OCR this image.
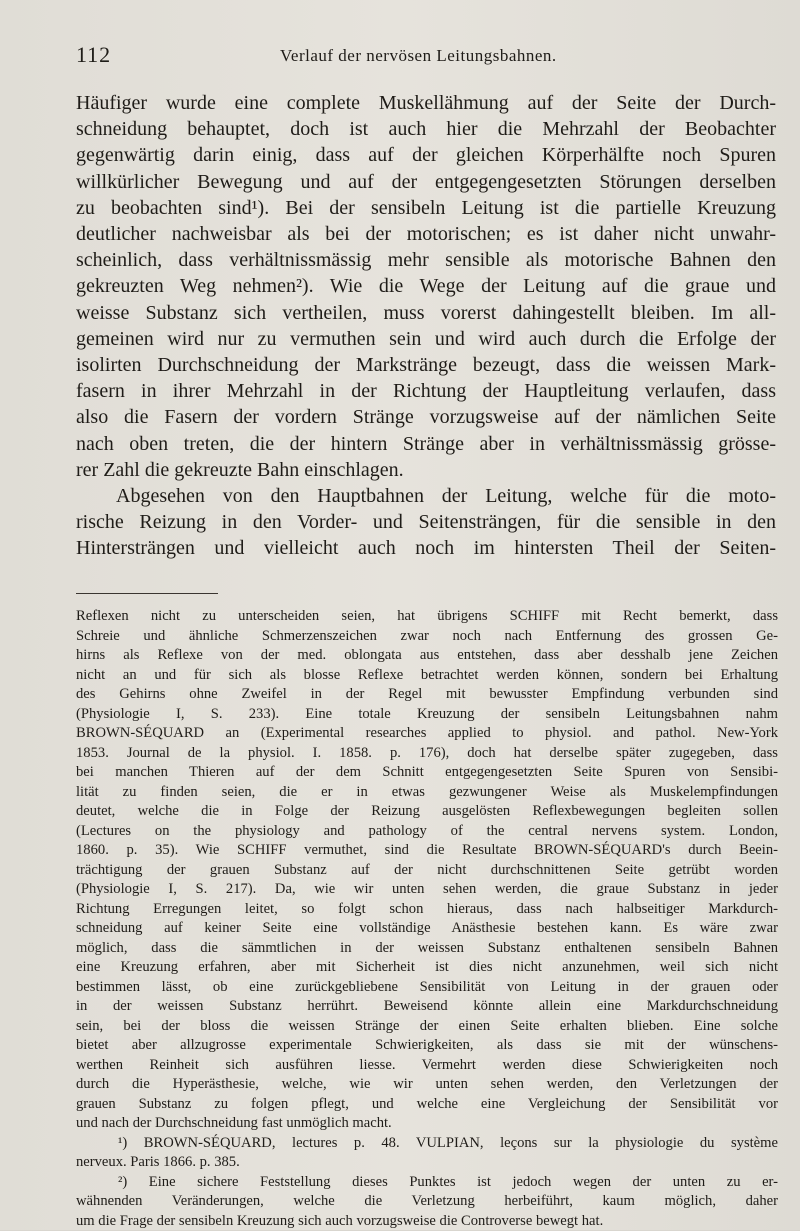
112	Verlauf der nervösen Leitungsbahnen.

Häufiger wurde eine complete Muskellähmung auf der Seite der Durch-

schneidung behauptet, doch ist auch hier die Mehrzahl der Beobachter

gegenwärtig darin einig, dass auf der gleichen Körperhälfte noch Spuren

willkürlicher Bewegung und auf der entgegengesetzten Störungen derselben

zu beobachten sind¹). Bei der sensibeln Leitung ist die partielle Kreuzung

deutlicher nachweisbar als bei der motorischen; es ist daher nicht unwahr-

scheinlich, dass verhältnissmässig mehr sensible als motorische Bahnen den

gekreuzten Weg nehmen²). Wie die Wege der Leitung auf die graue und

weisse Substanz sich vertheilen, muss vorerst dahingestellt bleiben. Im all-

gemeinen wird nur zu vermuthen sein und wird auch durch die Erfolge der

isolirten Durchschneidung der Markstränge bezeugt, dass die weissen Mark-

fasern in ihrer Mehrzahl in der Richtung der Hauptleitung verlaufen, dass

also die Fasern der vordern Stränge vorzugsweise auf der nämlichen Seite

nach oben treten, die der hintern Stränge aber in verhältnissmässig grösse-

rer Zahl die gekreuzte Bahn einschlagen.

Abgesehen von den Hauptbahnen der Leitung, welche für die moto-

rische Reizung in den Vorder- und Seitensträngen, für die sensible in den

Hintersträngen und vielleicht auch noch im hintersten Theil der Seiten-

Reflexen nicht zu unterscheiden seien, hat übrigens SCHIFF mit Recht bemerkt, dass

Schreie und ähnliche Schmerzenszeichen zwar noch nach Entfernung des grossen Ge-

hirns als Reflexe von der med. oblongata aus entstehen, dass aber desshalb jene Zeichen

nicht an und für sich als blosse Reflexe betrachtet werden können, sondern bei Erhaltung

des Gehirns ohne Zweifel in der Regel mit bewusster Empfindung verbunden sind

(Physiologie I, S. 233). Eine totale Kreuzung der sensibeln Leitungsbahnen nahm

BROWN-SÉQUARD an (Experimental researches applied to physiol. and pathol. New-York

1853. Journal de la physiol. I. 1858. p. 176), doch hat derselbe später zugegeben, dass

bei manchen Thieren auf der dem Schnitt entgegengesetzten Seite Spuren von Sensibi-

lität zu finden seien, die er in etwas gezwungener Weise als Muskelempfindungen

deutet, welche die in Folge der Reizung ausgelösten Reflexbewegungen begleiten sollen

(Lectures on the physiology and pathology of the central nervens system. London,

1860. p. 35). Wie SCHIFF vermuthet, sind die Resultate BROWN-SÉQUARD's durch Beein-

trächtigung der grauen Substanz auf der nicht durchschnittenen Seite getrübt worden

(Physiologie I, S. 217). Da, wie wir unten sehen werden, die graue Substanz in jeder

Richtung Erregungen leitet, so folgt schon hieraus, dass nach halbseitiger Markdurch-

schneidung auf keiner Seite eine vollständige Anästhesie bestehen kann. Es wäre zwar

möglich, dass die sämmtlichen in der weissen Substanz enthaltenen sensibeln Bahnen

eine Kreuzung erfahren, aber mit Sicherheit ist dies nicht anzunehmen, weil sich nicht

bestimmen lässt, ob eine zurückgebliebene Sensibilität von Leitung in der grauen oder

in der weissen Substanz herrührt. Beweisend könnte allein eine Markdurchschneidung

sein, bei der bloss die weissen Stränge der einen Seite erhalten blieben. Eine solche

bietet aber allzugrosse experimentale Schwierigkeiten, als dass sie mit der wünschens-

werthen Reinheit sich ausführen liesse. Vermehrt werden diese Schwierigkeiten noch

durch die Hyperästhesie, welche, wie wir unten sehen werden, den Verletzungen der

grauen Substanz zu folgen pflegt, und welche eine Vergleichung der Sensibilität vor

und nach der Durchschneidung fast unmöglich macht.

¹) BROWN-SÉQUARD, lectures p. 48. VULPIAN, leçons sur la physiologie du système

nerveux. Paris 1866. p. 385.

²) Eine sichere Feststellung dieses Punktes ist jedoch wegen der unten zu er-

wähnenden Veränderungen, welche die Verletzung herbeiführt, kaum möglich, daher

um die Frage der sensibeln Kreuzung sich auch vorzugsweise die Controverse bewegt hat.
